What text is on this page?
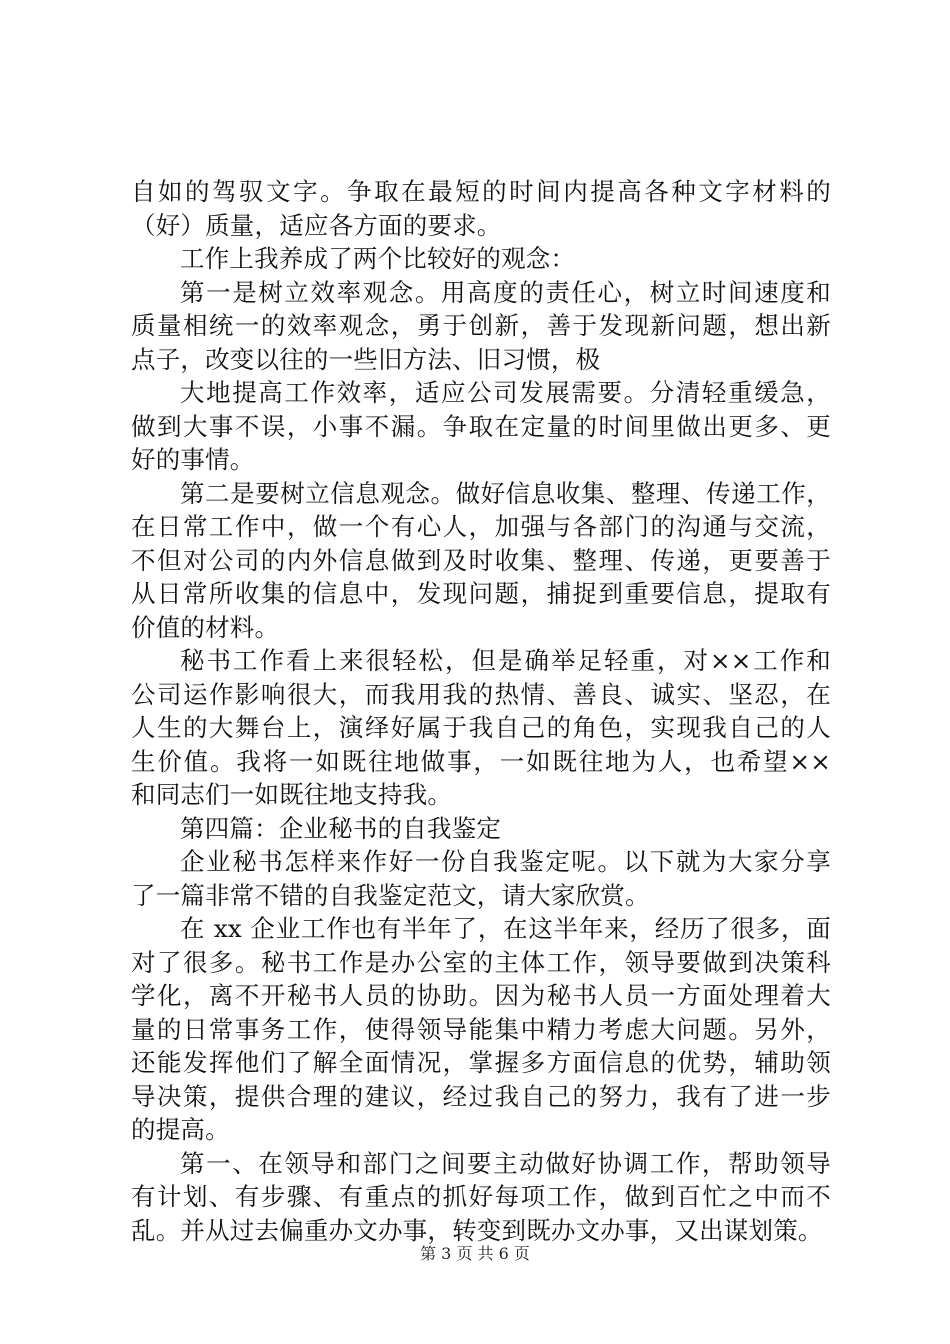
自如的驾驭文字。争取在最短的时间内提高各种文字材料的
（好）质量，适应各方面的要求。
工作上我养成了两个比较好的观念：
第一是树立效率观念。用高度的责任心，树立时间速度和
质量相统一的效率观念，勇于创新，善于发现新问题，想出新
点子，改变以往的一些旧方法、旧习惯，极
大地提高工作效率，适应公司发展需要。分清轻重缓急，
做到大事不误，小事不漏。争取在定量的时间里做出更多、更
好的事情。
第二是要树立信息观念。做好信息收集、整理、传递工作，
在日常工作中，做一个有心人，加强与各部门的沟通与交流，
不但对公司的内外信息做到及时收集、整理、传递，更要善于
从日常所收集的信息中，发现问题，捕捉到重要信息，提取有
价值的材料。
秘书工作看上来很轻松，但是确举足轻重，对××工作和
公司运作影响很大，而我用我的热情、善良、诚实、坚忍，在
人生的大舞台上，演绎好属于我自己的角色，实现我自己的人
生价值。我将一如既往地做事，一如既往地为人，也希望××
和同志们一如既往地支持我。
第四篇：企业秘书的自我鉴定
企业秘书怎样来作好一份自我鉴定呢。以下就为大家分享
了一篇非常不错的自我鉴定范文，请大家欣赏。
在 xx 企业工作也有半年了，在这半年来，经历了很多，面
对了很多。秘书工作是办公室的主体工作，领导要做到决策科
学化，离不开秘书人员的协助。因为秘书人员一方面处理着大
量的日常事务工作，使得领导能集中精力考虑大问题。另外，
还能发挥他们了解全面情况，掌握多方面信息的优势，辅助领
导决策，提供合理的建议，经过我自己的努力，我有了进一步
的提高。
第一、在领导和部门之间要主动做好协调工作，帮助领导
有计划、有步骤、有重点的抓好每项工作，做到百忙之中而不
乱。并从过去偏重办文办事，转变到既办文办事，又出谋划策。
第 3 页 共 6 页
